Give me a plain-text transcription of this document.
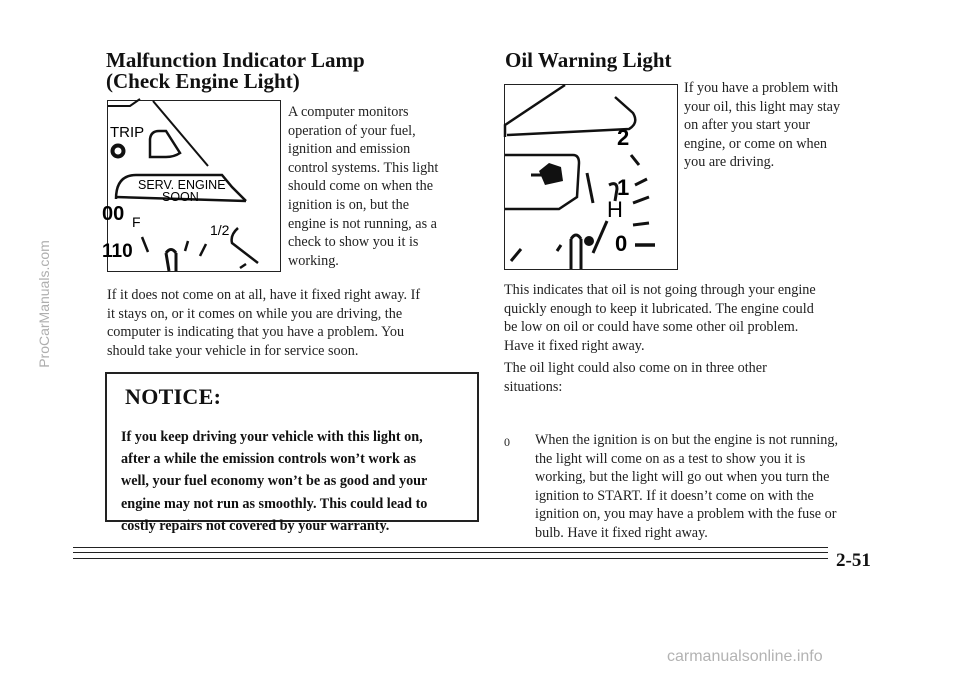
Malfunction Indicator Lamp
(Check Engine Light)
TRIP
SERV. ENGINE
SOON
00 F	1/2
110

A computer monitors

operation of your fuel,

ignition and emission

control systems. This light

should come on when the

ignition is on, but the

engine is not running, as a

check to show you it is

working.

If it does not come on at all, have it fixed right away. If

it stays on, or it comes on while you are driving, the

computer is indicating that you have a problem. You

should take your vehicle in for service soon.

NOTICE:
If you keep driving your vehicle with this light on,
after a while the emission controls won’t work as
well, your fuel economy won’t be as good and your
engine may not run as smoothly. This could lead to
costly repairs not covered by your warranty.
Oil Warning Light
2
1
H
0

If you have a problem with

your oil, this light may stay

on after you start your

engine, or come on when

you are driving.

This indicates that oil is not going through your engine

quickly enough to keep it lubricated. The engine could

be low on oil or could have some other oil problem.

Have it fixed right away.

The oil light could also come on in three other

situations:

0 When the ignition is on but the engine is not running,

the light will come on as a test to show you it is

working, but the light will go out when you turn the

ignition to START. If it doesn’t come on with the

ignition on, you may have a problem with the fuse or

bulb. Have it fixed right away.

2-51
ProCarManuals.com
carmanualsonline.info
